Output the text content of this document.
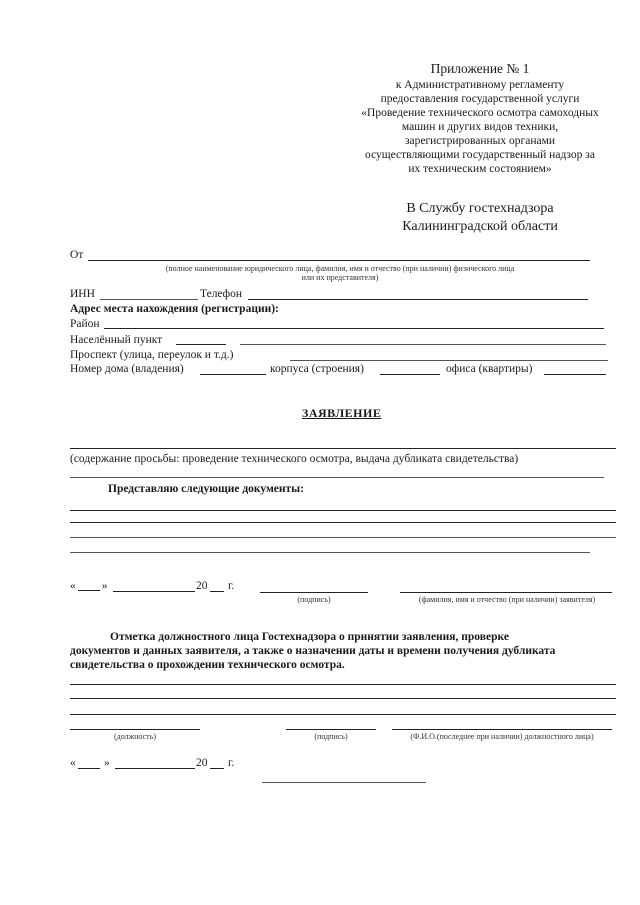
Приложение № 1
к Административному регламенту
предоставления государственной услуги
«Проведение технического осмотра самоходных
машин и других видов техники,
зарегистрированных органами
осуществляющими государственный надзор за
их техническим состоянием»
В Службу гостехнадзора
Калининградской области
От
(полное наименование юридического лица, фамилия, имя и отчество (при наличии) физического лица
или их представителя)
ИНН	Телефон
Адрес места нахождения (регистрации):
Район
Населённый пункт
Проспект (улица, переулок и т.д.)
Номер дома (владения)	корпуса (строения)	офиса (квартиры)
ЗАЯВЛЕНИЕ
(содержание просьбы: проведение технического осмотра, выдача дубликата свидетельства)
Представляю следующие документы:
« »	20 г.
(подпись)	(фамилия, имя и отчество (при наличии) заявителя)
Отметка должностного лица Гостехнадзора о принятии заявления, проверке
документов и данных заявителя, а также о назначении даты и времени получения дубликата
свидетельства о прохождении технического осмотра.
(должность)	(подпись)	(Ф.И.О.(последнее при наличии) должностного лица)
« »	20 г.
